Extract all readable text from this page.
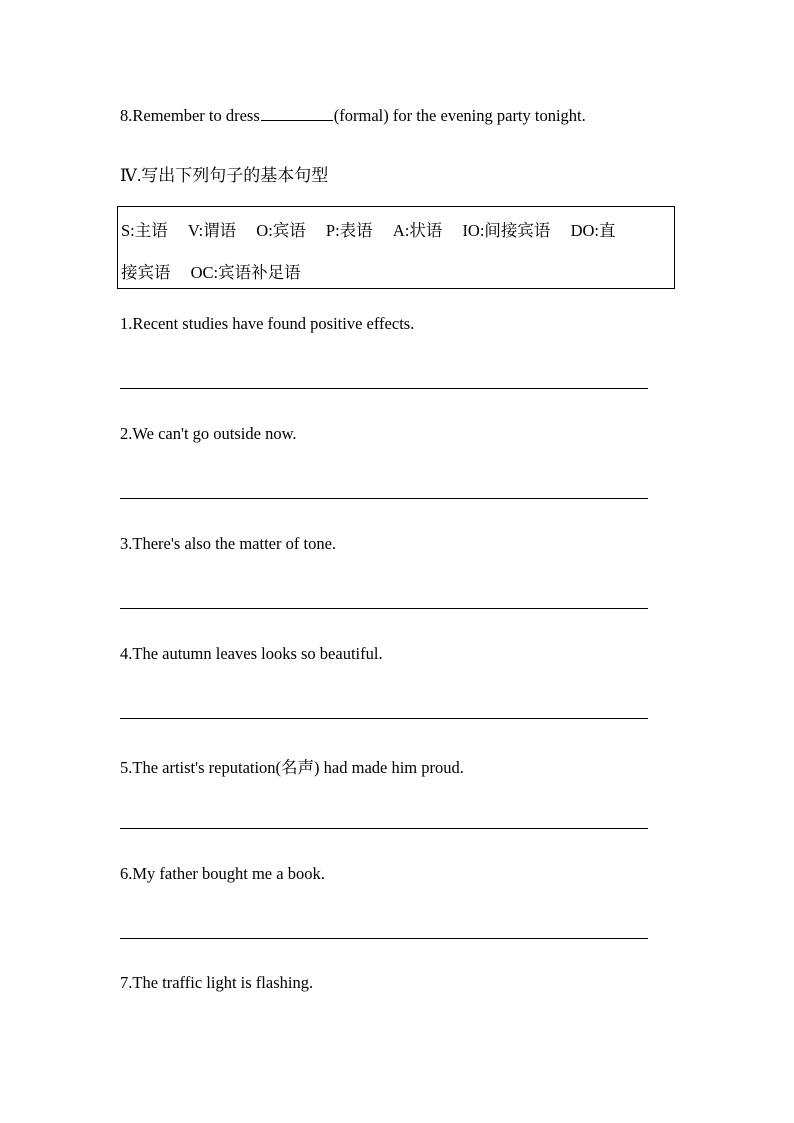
8.Remember to dress	(formal) for the evening party tonight.
Ⅳ.写出下列句子的基本句型
S:主语 V:谓语 O:宾语 P:表语 A:状语 IO:间接宾语 DO:直
接宾语 OC:宾语补足语
1.Recent studies have found positive effects.
2.We can't go outside now.
3.There's also the matter of tone.
4.The autumn leaves looks so beautiful.
5.The artist's reputation(名声) had made him proud.
6.My father bought me a book.
7.The traffic light is flashing.
